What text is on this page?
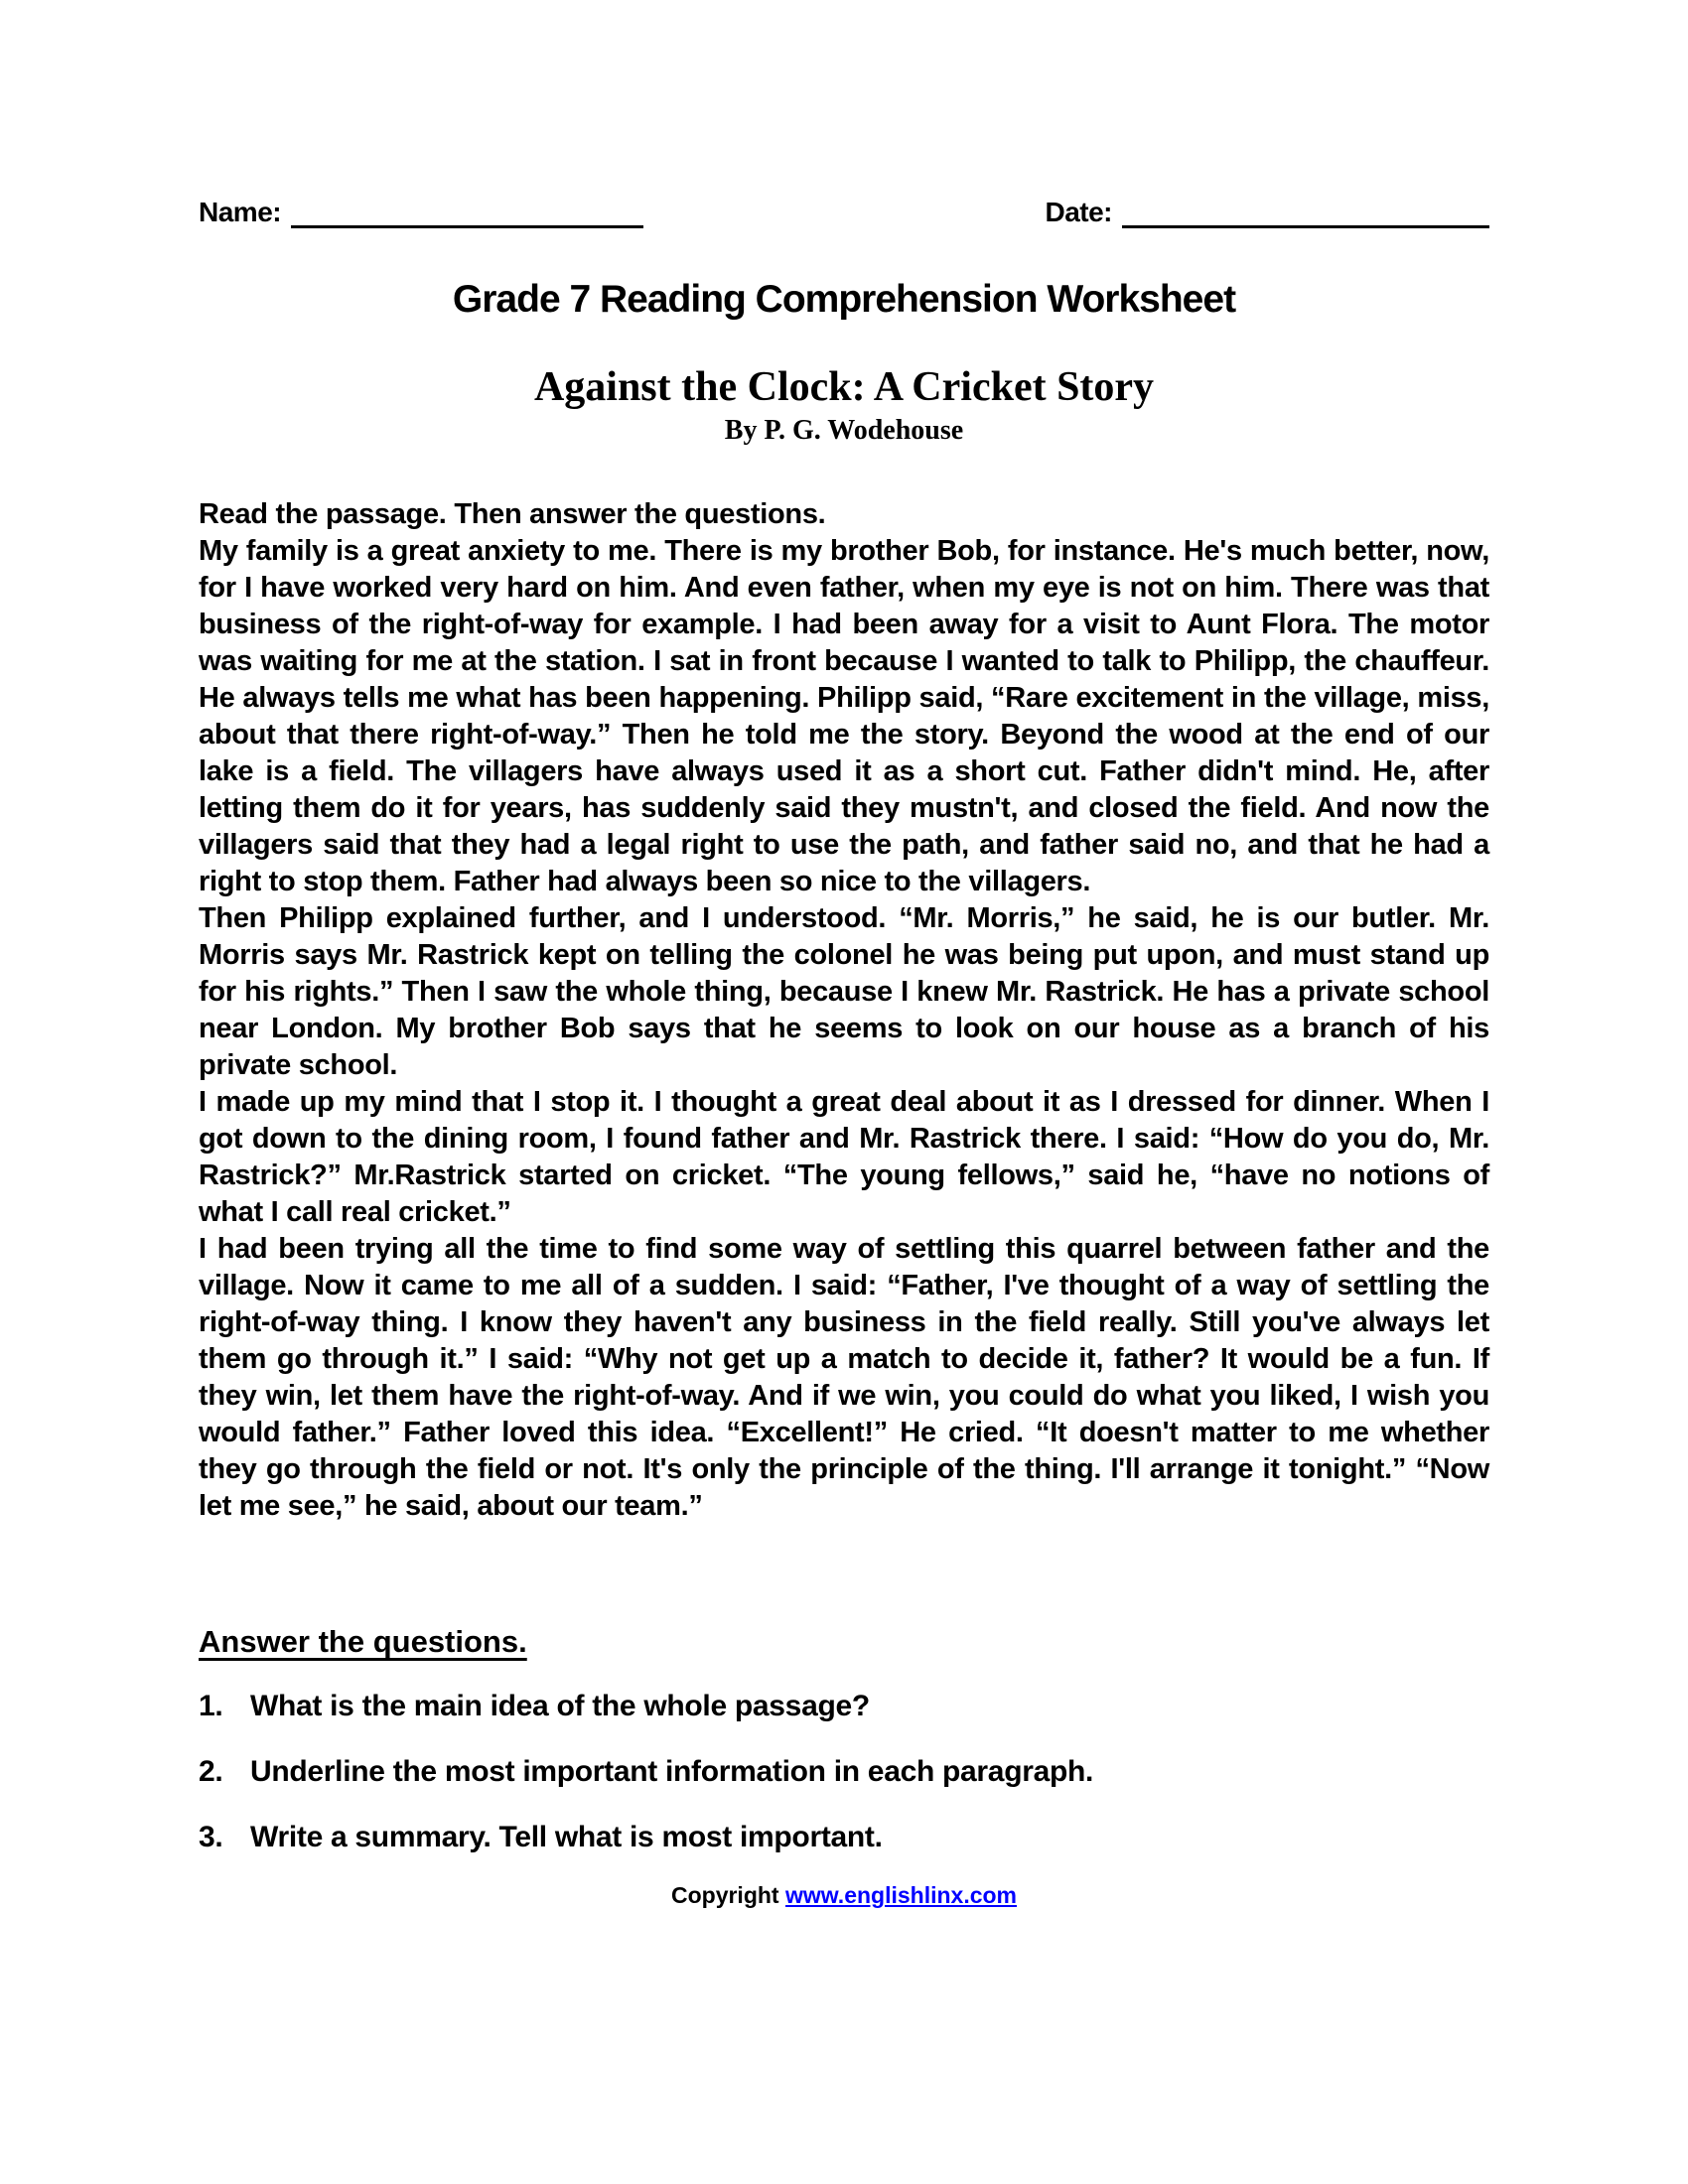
Name:	Date:
Grade 7 Reading Comprehension Worksheet
Against the Clock: A Cricket Story
By P. G. Wodehouse

Read the passage. Then answer the questions.

My family is a great anxiety to me. There is my brother Bob, for instance. He's much better, now, for I have worked very hard on him. And even father, when my eye is not on him. There was that business of the right-of-way for example. I had been away for a visit to Aunt Flora. The motor was waiting for me at the station. I sat in front because I wanted to talk to Philipp, the chauffeur. He always tells me what has been happening. Philipp said, “Rare excitement in the village, miss, about that there right-of-way.” Then he told me the story. Beyond the wood at the end of our lake is a field. The villagers have always used it as a short cut. Father didn't mind. He, after letting them do it for years, has suddenly said they mustn't, and closed the field. And now the villagers said that they had a legal right to use the path, and father said no, and that he had a right to stop them. Father had always been so nice to the villagers.

Then Philipp explained further, and I understood. “Mr. Morris,” he said, he is our butler. Mr. Morris says Mr. Rastrick kept on telling the colonel he was being put upon, and must stand up for his rights.” Then I saw the whole thing, because I knew Mr. Rastrick. He has a private school near London. My brother Bob says that he seems to look on our house as a branch of his private school.

I made up my mind that I stop it. I thought a great deal about it as I dressed for dinner. When I got down to the dining room, I found father and Mr. Rastrick there. I said: “How do you do, Mr. Rastrick?” Mr.Rastrick started on cricket. “The young fellows,” said he, “have no notions of what I call real cricket.”

I had been trying all the time to find some way of settling this quarrel between father and the village. Now it came to me all of a sudden. I said: “Father, I've thought of a way of settling the right-of-way thing. I know they haven't any business in the field really. Still you've always let them go through it.” I said: “Why not get up a match to decide it, father? It would be a fun. If they win, let them have the right-of-way. And if we win, you could do what you liked, I wish you would father.” Father loved this idea. “Excellent!” He cried. “It doesn't matter to me whether they go through the field or not. It's only the principle of the thing. I'll arrange it tonight.” “Now let me see,” he said, about our team.”

Answer the questions.
1. What is the main idea of the whole passage?
2. Underline the most important information in each paragraph.
3. Write a summary. Tell what is most important.
Copyright www.englishlinx.com
